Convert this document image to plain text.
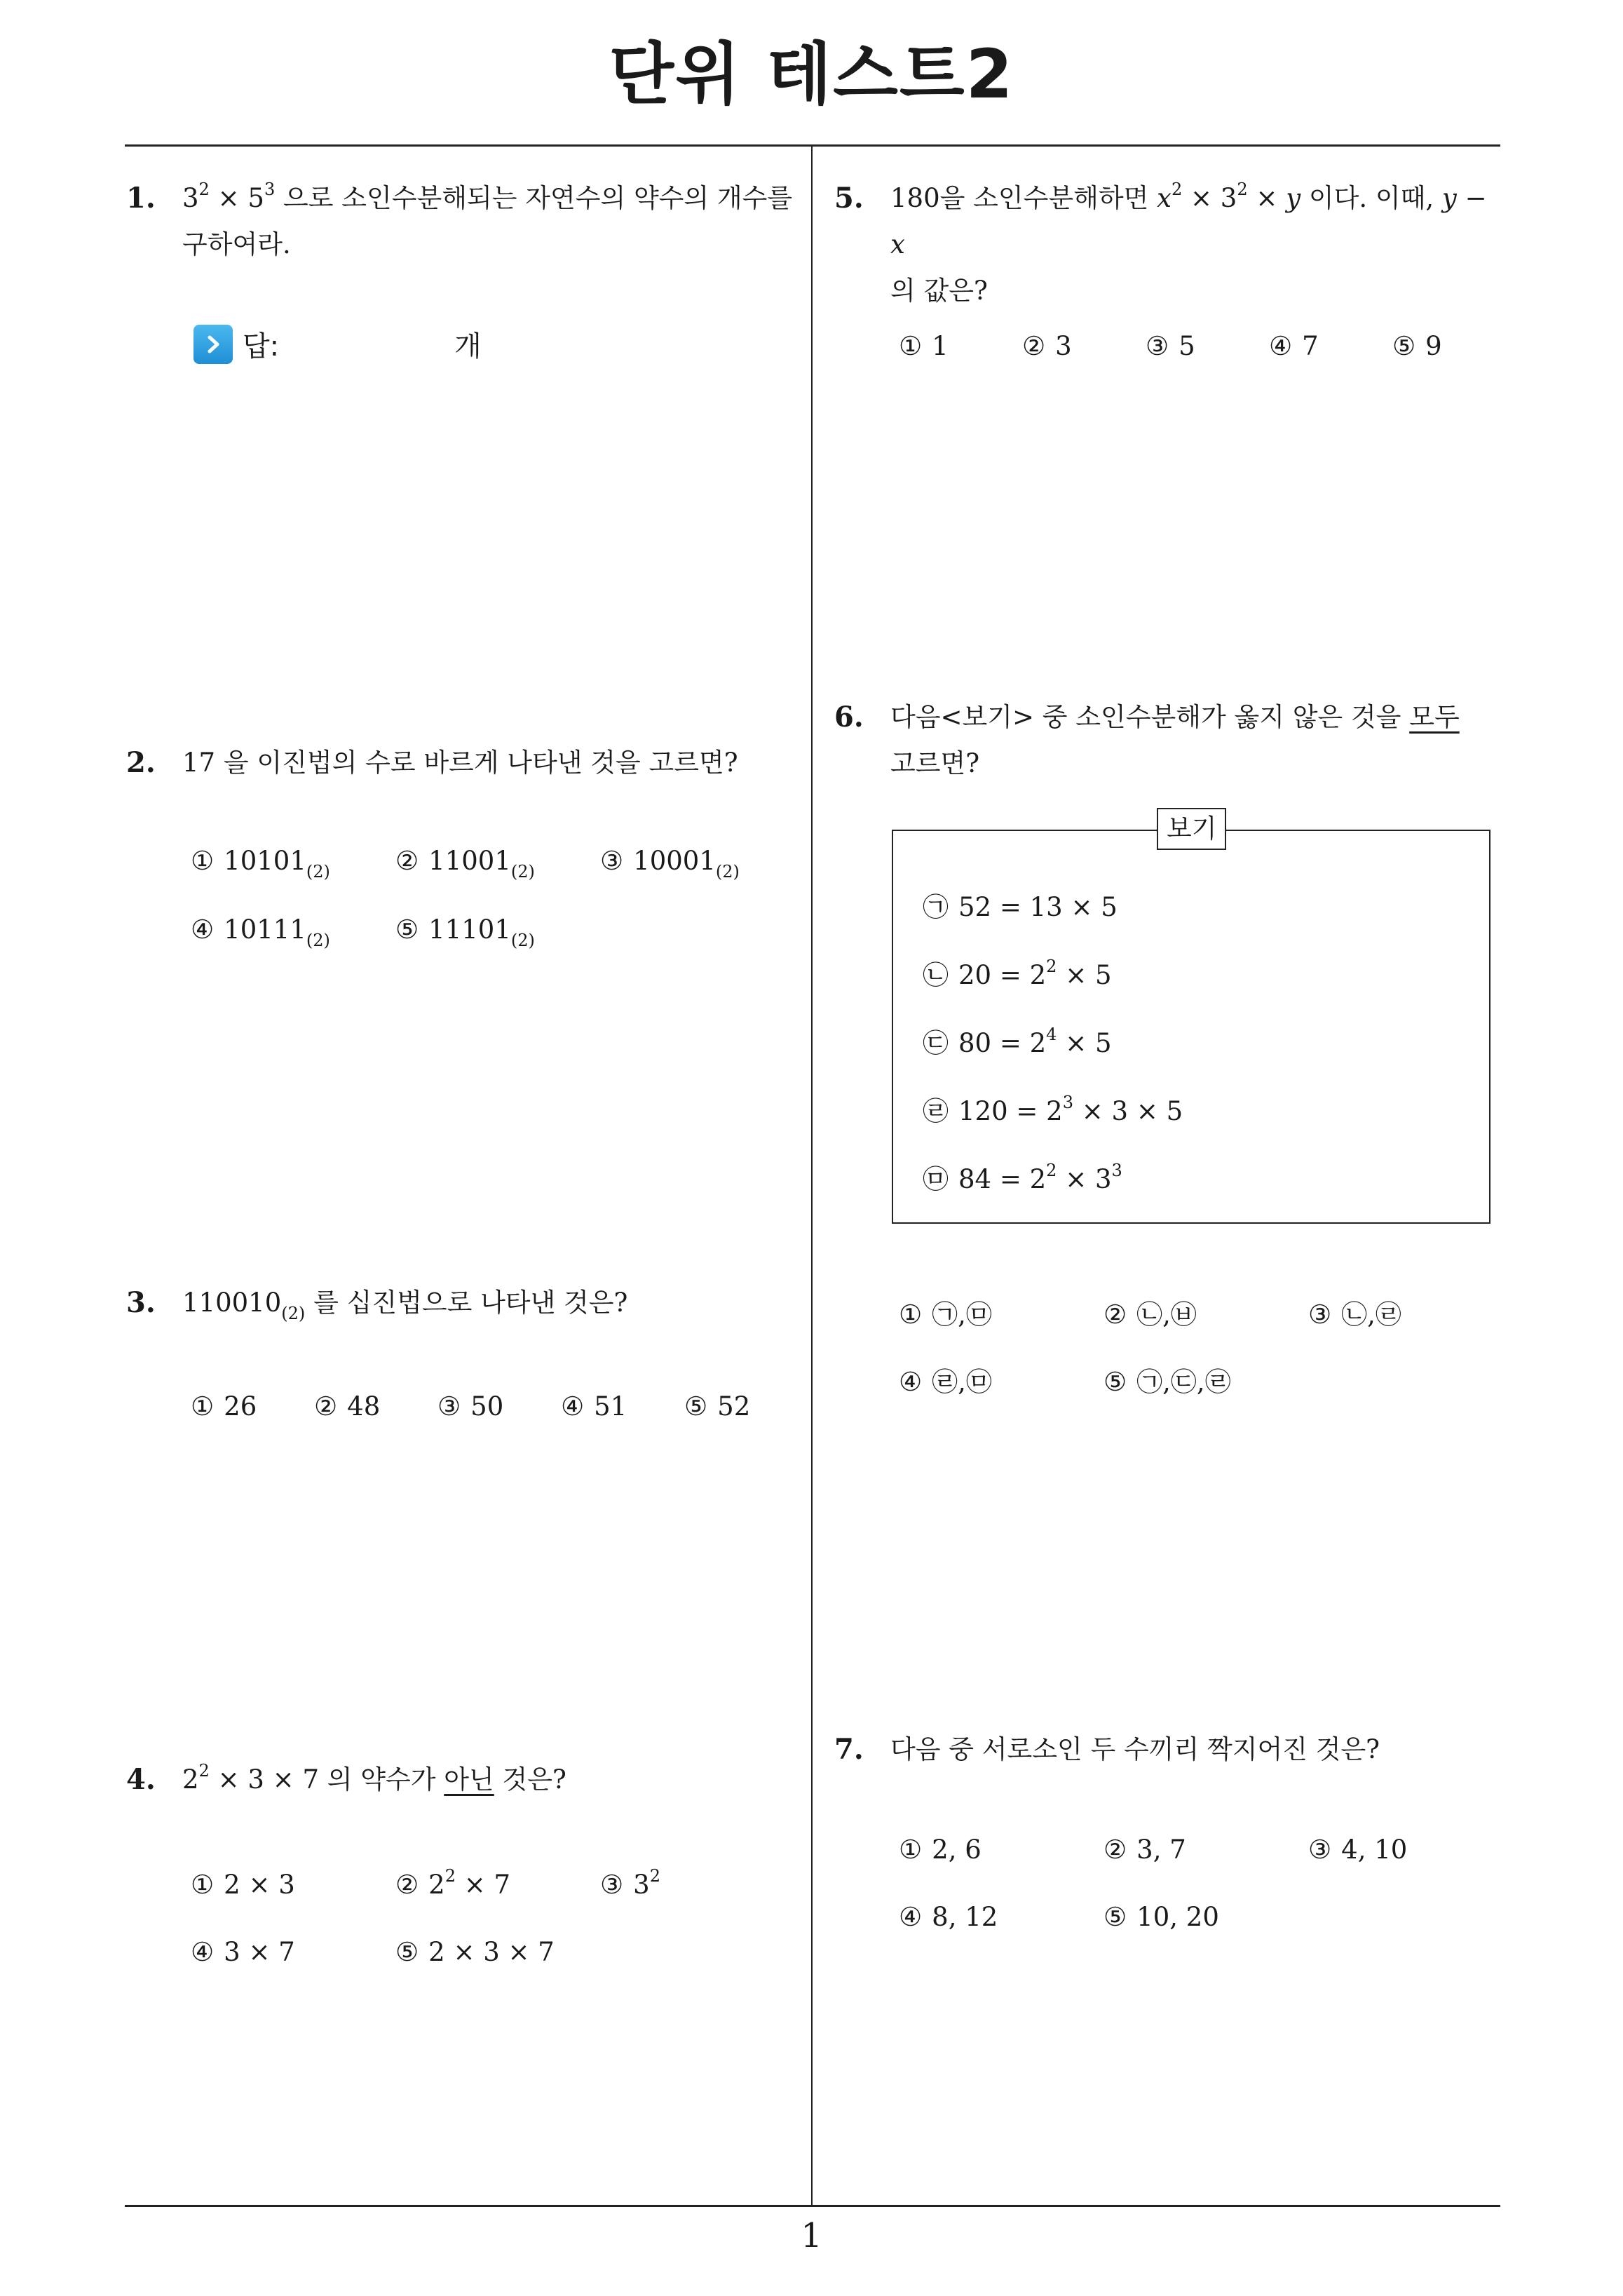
단위 테스트2
1. $3^2 \times 5^3$ 으로 소인수분해되는 자연수의 약수의 개수를
구하여라.
답:	개
2. 17 을 이진법의 수로 바르게 나타낸 것을 고르면?
① $10101_{(2)}$	② $11001_{(2)}$	③ $10001_{(2)}$
④ $10111_{(2)}$	⑤ $11101_{(2)}$
3. $110010_{(2)}$ 를 십진법으로 나타낸 것은?
① 26 ② 48 ③ 50 ④ 51 ⑤ 52
4. $2^2 \times 3 \times 7$ 의 약수가 아닌 것은?
① 2 × 3	② $2^2 \times 7$	③ $3^2$
④ 3 × 7	⑤ 2 × 3 × 7
5. 180을 소인수분해하면 $x^2 \times 3^2 \times y$ 이다. 이때, y − x
의 값은?
① 1	② 3	③ 5	④ 7	⑤ 9
6. 다음<보기> 중 소인수분해가 옳지 않은 것을 모두
고르면?
보기
㉠ 52 = 13 × 5
㉡ $20 = 2^2 \times 5$
㉢ $80 = 2^4 \times 5$
㉣ $120 = 2^3 \times 3 \times 5$
㉤ $84 = 2^2 \times 3^3$
① ㉠,㉤	② ㉡,㉥	③ ㉡,㉣
④ ㉣,㉤	⑤ ㉠,㉢,㉣
7. 다음 중 서로소인 두 수끼리 짝지어진 것은?
① 2, 6	② 3, 7	③ 4, 10
④ 8, 12	⑤ 10, 20
1
